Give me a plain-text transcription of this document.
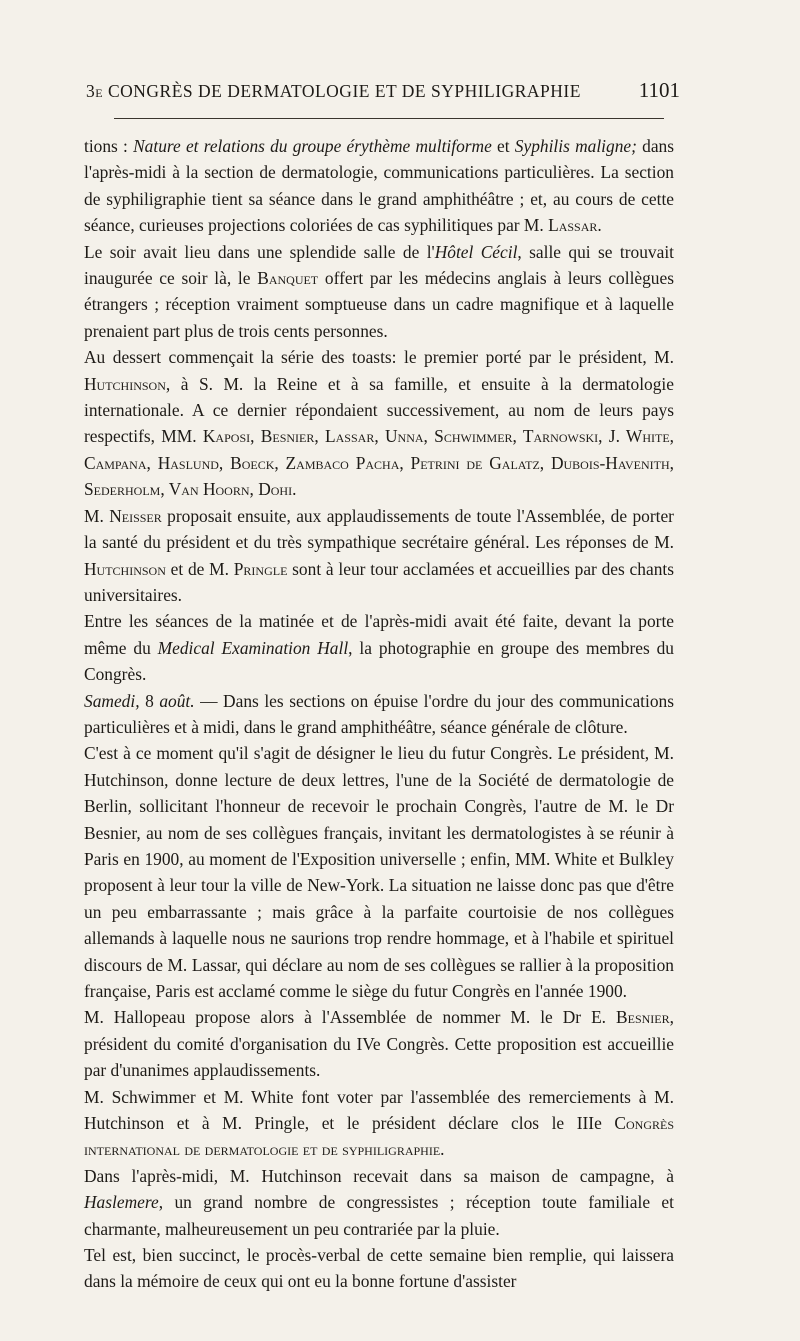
3e CONGRÈS DE DERMATOLOGIE ET DE SYPHILIGRAPHIE	1101

tions : Nature et relations du groupe érythème multiforme et Syphilis maligne; dans l'après-midi à la section de dermatologie, communications particulières. La section de syphiligraphie tient sa séance dans le grand amphithéâtre ; et, au cours de cette séance, curieuses projections coloriées de cas syphilitiques par M. Lassar.

Le soir avait lieu dans une splendide salle de l'Hôtel Cécil, salle qui se trouvait inaugurée ce soir là, le Banquet offert par les médecins anglais à leurs collègues étrangers ; réception vraiment somptueuse dans un cadre magnifique et à laquelle prenaient part plus de trois cents personnes.

Au dessert commençait la série des toasts: le premier porté par le président, M. Hutchinson, à S. M. la Reine et à sa famille, et ensuite à la dermatologie internationale. A ce dernier répondaient successivement, au nom de leurs pays respectifs, MM. Kaposi, Besnier, Lassar, Unna, Schwimmer, Tarnowski, J. White, Campana, Haslund, Boeck, Zambaco Pacha, Petrini de Galatz, Dubois-Havenith, Sederholm, Van Hoorn, Dohi.

M. Neisser proposait ensuite, aux applaudissements de toute l'Assemblée, de porter la santé du président et du très sympathique secrétaire général. Les réponses de M. Hutchinson et de M. Pringle sont à leur tour acclamées et accueillies par des chants universitaires.

Entre les séances de la matinée et de l'après-midi avait été faite, devant la porte même du Medical Examination Hall, la photographie en groupe des membres du Congrès.

Samedi, 8 août. — Dans les sections on épuise l'ordre du jour des communications particulières et à midi, dans le grand amphithéâtre, séance générale de clôture.

C'est à ce moment qu'il s'agit de désigner le lieu du futur Congrès. Le président, M. Hutchinson, donne lecture de deux lettres, l'une de la Société de dermatologie de Berlin, sollicitant l'honneur de recevoir le prochain Congrès, l'autre de M. le Dr Besnier, au nom de ses collègues français, invitant les dermatologistes à se réunir à Paris en 1900, au moment de l'Exposition universelle ; enfin, MM. White et Bulkley proposent à leur tour la ville de New-York. La situation ne laisse donc pas que d'être un peu embarrassante ; mais grâce à la parfaite courtoisie de nos collègues allemands à laquelle nous ne saurions trop rendre hommage, et à l'habile et spirituel discours de M. Lassar, qui déclare au nom de ses collègues se rallier à la proposition française, Paris est acclamé comme le siège du futur Congrès en l'année 1900.

M. Hallopeau propose alors à l'Assemblée de nommer M. le Dr E. Besnier, président du comité d'organisation du IVe Congrès. Cette proposition est accueillie par d'unanimes applaudissements.

M. Schwimmer et M. White font voter par l'assemblée des remerciements à M. Hutchinson et à M. Pringle, et le président déclare clos le IIIe Congrès international de dermatologie et de syphiligraphie.

Dans l'après-midi, M. Hutchinson recevait dans sa maison de campagne, à Haslemere, un grand nombre de congressistes ; réception toute familiale et charmante, malheureusement un peu contrariée par la pluie.

Tel est, bien succinct, le procès-verbal de cette semaine bien remplie, qui laissera dans la mémoire de ceux qui ont eu la bonne fortune d'assister
